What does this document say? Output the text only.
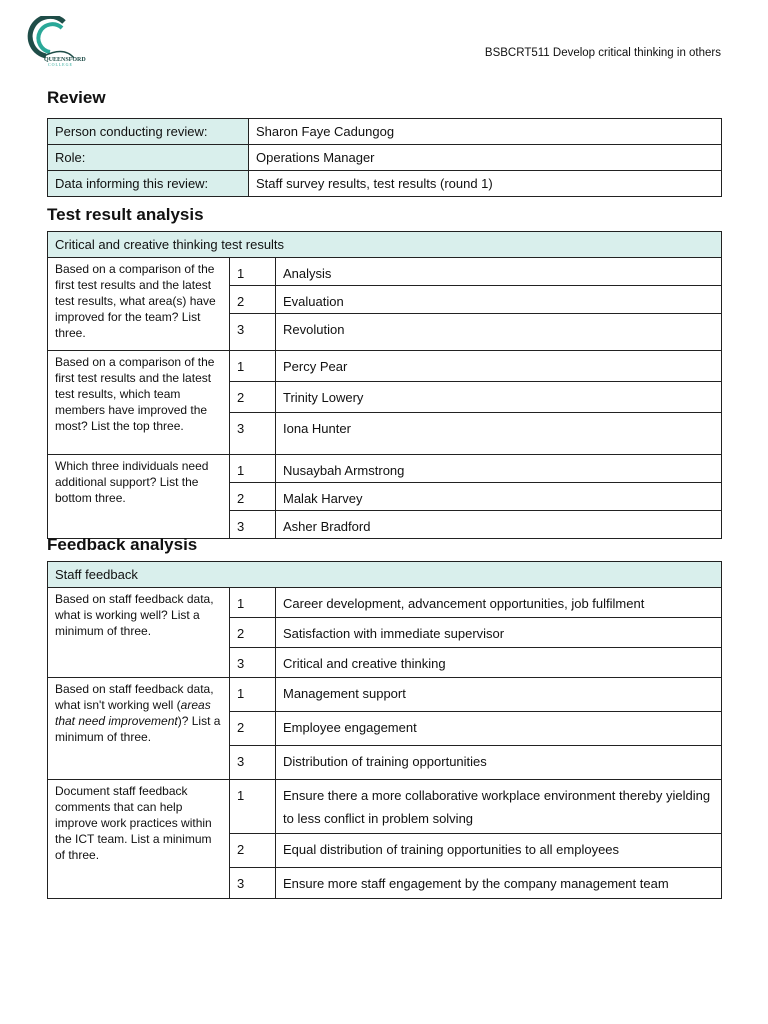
QUEENSFORD
C O L L E G E
BSBCRT511 Develop critical thinking in others
Review
Person conducting review:	Sharon Faye Cadungog
Role:	Operations Manager
Data informing this review:	Staff survey results, test results (round 1)
Test result analysis
Critical and creative thinking test results		
Based on a comparison of the first test results and the latest test results, what area(s) have improved for the team? List three.	1	Analysis
	2	Evaluation
	3	Revolution
Based on a comparison of the first test results and the latest test results, which team members have improved the most? List the top three.	1	Percy Pear
	2	Trinity Lowery
	3	Iona Hunter
Which three individuals need additional support? List the bottom three.	1	Nusaybah Armstrong
	2	Malak Harvey
	3	Asher Bradford
Feedback analysis
Staff feedback		
Based on staff feedback data, what is working well? List a minimum of three.	1	Career development, advancement opportunities, job fulfilment
	2	Satisfaction with immediate supervisor
	3	Critical and creative thinking
Based on staff feedback data, what isn't working well (areas that need improvement)? List a minimum of three.	1	Management support
	2	Employee engagement
	3	Distribution of training opportunities
Document staff feedback comments that can help improve work practices within the ICT team. List a minimum of three.	1	Ensure there a more collaborative workplace environment thereby yielding to less conflict in problem solving
	2	Equal distribution of training opportunities to all employees
	3	Ensure more staff engagement by the company management team
